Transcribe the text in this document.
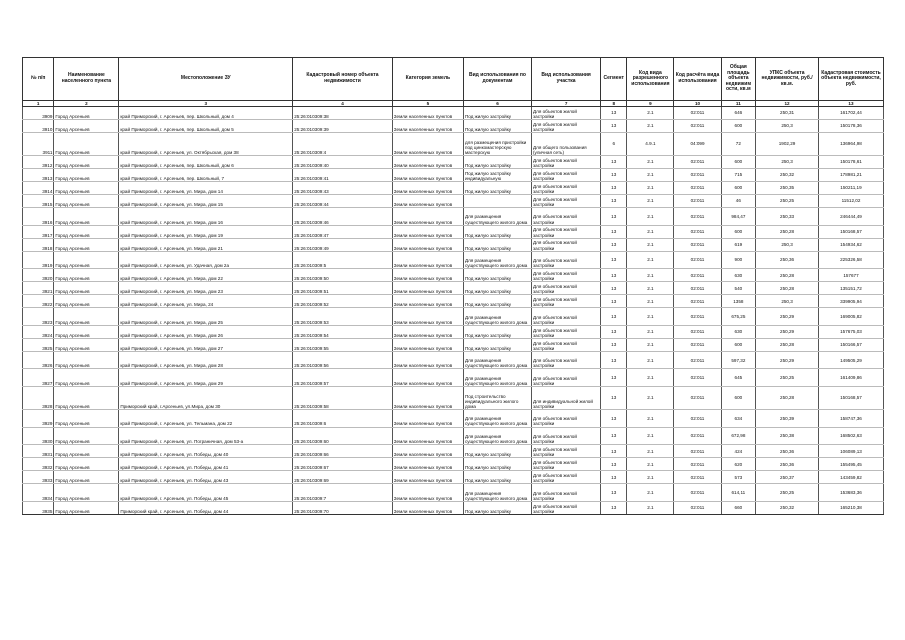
№ п/п	Наименование населенного пункта	Местоположение ЗУ	Кадастровый номер объекта недвижимости	Категория земель	Вид использования по документам	Вид использования участка	Сегмент	Код вида разрешенного использования	Код расчёта вида использования	Общая площадь объекта недвижим ости, кв.м	УПКС объекта недвижимости, руб./кв.м.	Кадастровая стоимость объекта недвижимости, руб.
1	2	3	4	5	6	7	8	9	10	11	12	13
3909	Город Арсеньев	край Приморский, г. Арсеньев, пер. Школьный, дом 4	25:26:010309:38	Земли населенных пунктов	Под жилую застройку	Для объектов жилой застройки	13	2.1	02:011	646	250,31	161702,44
3910	Город Арсеньев	край Приморский, г. Арсеньев, пер. Школьный, дом 5	25:26:010309:39	Земли населенных пунктов	Под жилую застройку	Для объектов жилой застройки	13	2.1	02:011	600	250,3	150178,36
3911	Город Арсеньев	край Приморский, г. Арсеньев, ул. Октябрьская, дом 38	25:26:010309:4	Земли населенных пунктов	для размещения пристройки под цинкомастерскую мастерскую	Для общего пользования (уличная сеть)	6	4.9.1	04:099	72	1902,29	136964,98
3912	Город Арсеньев	край Приморский, г. Арсеньев, пер. Школьный, дом 6	25:26:010309:40	Земли населенных пунктов	Под жилую застройку	Для объектов жилой застройки	13	2.1	02:011	600	250,3	150178,61
3913	Город Арсеньев	край Приморский, г. Арсеньев, пер. Школьный, 7	25:26:010309:41	Земли населенных пунктов	Под жилую застройку индивидуальную	Для объектов жилой застройки	13	2.1	02:011	715	250,32	178981,21
3914	Город Арсеньев	край Приморский, г. Арсеньев, ул. Мира, дом 14	25:26:010309:43	Земли населенных пунктов	Под жилую застройку	Для объектов жилой застройки	13	2.1	02:011	600	250,35	150211,19
3915	Город Арсеньев	край Приморский, г. Арсеньев, ул. Мира, дом 15	25:26:010309:44	Земли населенных пунктов		Для объектов жилой застройки	13	2.1	02:011	46	250,25	11512,02
3916	Город Арсеньев	край Приморский, г. Арсеньев, ул. Мира, дом 16	25:26:010309:46	Земли населенных пунктов	Для размещения существующего жилого дома	Для объектов жилой застройки	13	2.1	02:011	984,47	250,33	246444,49
3917	Город Арсеньев	край Приморский, г. Арсеньев, ул. Мира, дом 19	25:26:010309:47	Земли населенных пунктов	Под жилую застройку	Для объектов жилой застройки	13	2.1	02:011	600	250,28	150168,57
3918	Город Арсеньев	край Приморский, г. Арсеньев, ул. Мира, дом 21	25:26:010309:49	Земли населенных пунктов	Под жилую застройку	Для объектов жилой застройки	13	2.1	02:011	619	250,3	154934,62
3919	Город Арсеньев	край Приморский, г. Арсеньев, ул. Удачная, дом 2а	25:26:010309:5	Земли населенных пунктов	Для размещения существующего жилого дома	Для объектов жилой застройки	13	2.1	02:011	900	250,36	225326,58
3920	Город Арсеньев	край Приморский, г. Арсеньев, ул. Мира, дом 22	25:26:010309:50	Земли населенных пунктов	Под жилую застройку	Для объектов жилой застройки	13	2.1	02:011	630	250,28	157677
3921	Город Арсеньев	край Приморский, г. Арсеньев, ул. Мира, дом 23	25:26:010309:51	Земли населенных пунктов	Под жилую застройку	Для объектов жилой застройки	13	2.1	02:011	540	250,28	135151,72
3922	Город Арсеньев	край Приморский, г. Арсеньев, ул. Мира, 24	25:26:010309:52	Земли населенных пунктов	Под жилую застройку	Для объектов жилой застройки	13	2.1	02:011	1358	250,3	339905,94
3923	Город Арсеньев	край Приморский, г. Арсеньев, ул. Мира, дом 25	25:26:010309:53	Земли населенных пунктов	Для размещения существующего жилого дома	Для объектов жилой застройки	13	2.1	02:011	675,25	250,29	169005,82
3924	Город Арсеньев	край Приморский, г. Арсеньев, ул. Мира, дом 26	25:26:010309:54	Земли населенных пунктов	Под жилую застройку	Для объектов жилой застройки	13	2.1	02:011	630	250,29	157675,03
3925	Город Арсеньев	край Приморский, г. Арсеньев, ул. Мира, дом 27	25:26:010309:55	Земли населенных пунктов	Под жилую застройку	Для объектов жилой застройки	13	2.1	02:011	600	250,28	150166,57
3926	Город Арсеньев	край Приморский, г. Арсеньев, ул. Мира, дом 28	25:26:010309:56	Земли населенных пунктов	Для размещения существующего жилого дома	Для объектов жилой застройки	13	2.1	02:011	597,32	250,29	149505,29
3927	Город Арсеньев	край Приморский, г. Арсеньев, ул. Мира, дом 29	25:26:010309:57	Земли населенных пунктов	Для размещения существующего жилого дома	Для объектов жилой застройки	13	2.1	02:011	645	250,25	161409,86
3928	Город Арсеньев	Приморский край, г.Арсеньев, ул.Мира, дом 30	25:26:010309:58	Земли населенных пунктов	Под строительство индивидуального жилого дома	Для индивидуальной жилой застройки	13	2.1	02:011	600	250,28	150168,57
3929	Город Арсеньев	край Приморский, г. Арсеньев, ул. Тельмана, дом 22	25:26:010309:6	Земли населенных пунктов	Для размещения существующего жилого дома	Для объектов жилой застройки	13	2.1	02:011	634	250,39	158747,36
3930	Город Арсеньев	край Приморский, г. Арсеньев, ул. Пограничная, дом 53-а	25:26:010309:60	Земли населенных пунктов	Для размещения существующего жилого дома	Для объектов жилой застройки	13	2.1	02:011	672,98	250,38	168502,63
3931	Город Арсеньев	край Приморский, г. Арсеньев, ул. Победы, дом 40	25:26:010309:66	Земли населенных пунктов	Под жилую застройку	Для объектов жилой застройки	13	2.1	02:011	424	250,36	106089,13
3932	Город Арсеньев	край Приморский, г. Арсеньев, ул. Победы, дом 41	25:26:010309:67	Земли населенных пунктов	Под жилую застройку	Для объектов жилой застройки	13	2.1	02:011	620	250,36	155495,45
3933	Город Арсеньев	край Приморский, г. Арсеньев, ул. Победы, дом 43	25:26:010309:69	Земли населенных пунктов	Под жилую застройку	Для объектов жилой застройки	13	2.1	02:011	573	250,37	143459,82
3934	Город Арсеньев	край Приморский, г. Арсеньев, ул. Победы, дом 45	25:26:010309:7	Земли населенных пунктов	Для размещения существующего жилого дома	Для объектов жилой застройки	13	2.1	02:011	614,11	250,25	153683,36
3935	Город Арсеньев	Приморский край, г. Арсеньев, ул. Победы, дом 44	25:26:010309:70	Земли населенных пунктов	Под жилую застройку	Для объектов жилой застройки	13	2.1	02:011	660	250,32	165210,38
